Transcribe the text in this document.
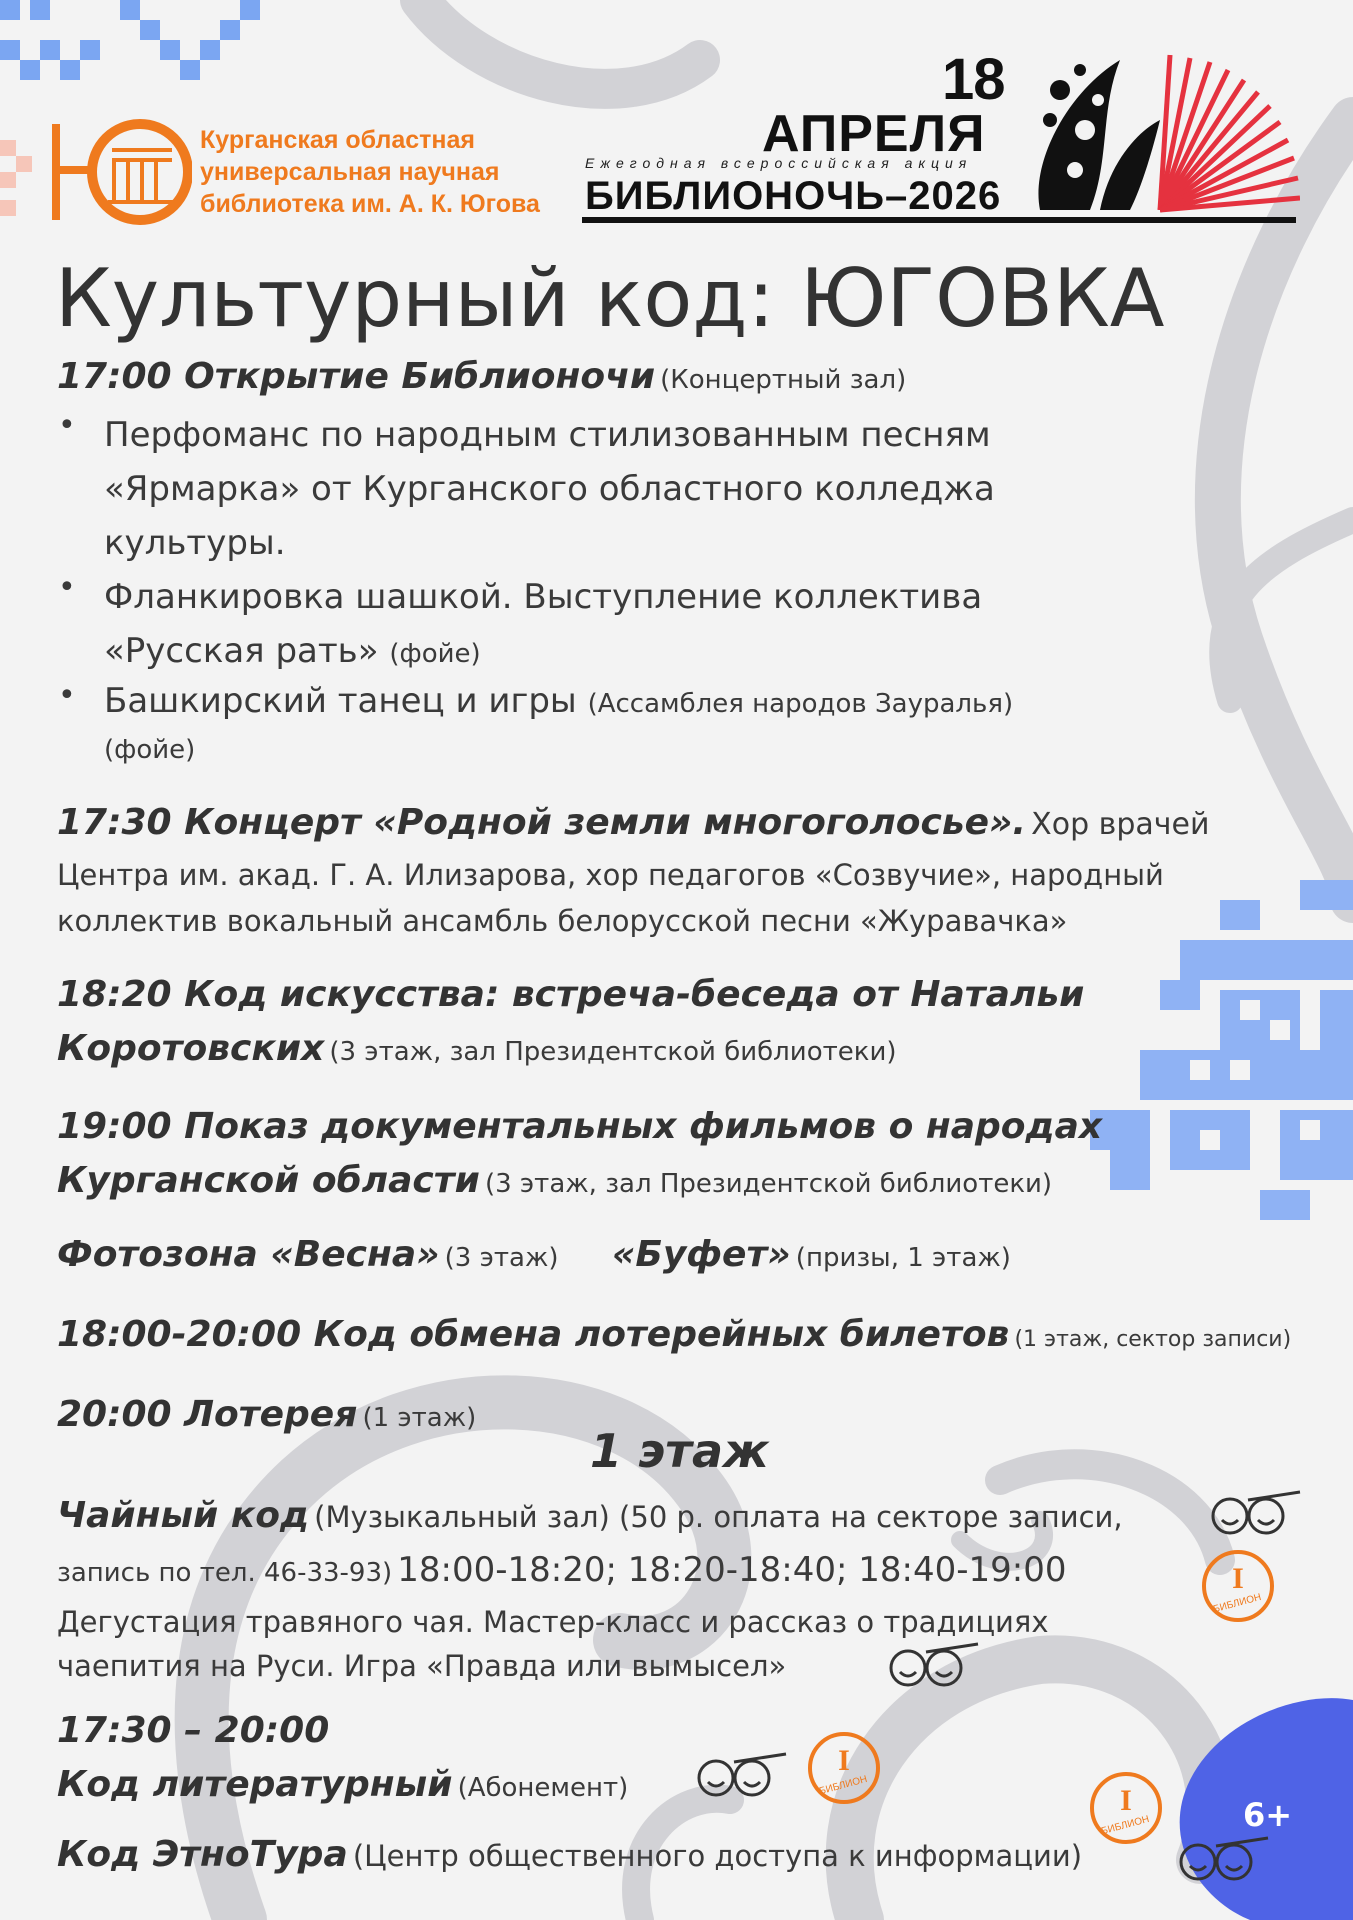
Курганская областная
универсальная научная
библиотека им. А. К. Югова
18
АПРЕЛЯ
Ежегодная всероссийская акция
БИБЛИОНОЧЬ–2026
Культурный код: ЮГОВКА
17:00 Открытие Библионочи (Концертный зал)
• Перфоманс по народным стилизованным песням
«Ярмарка» от Курганского областного колледжа
культуры.
• Фланкировка шашкой. Выступление коллектива
«Русская рать» (фойе)
• Башкирский танец и игры (Ассамблея народов Зауралья)
(фойе)
17:30 Концерт «Родной земли многоголосье». Хор врачей
Центра им. акад. Г. А. Илизарова, хор педагогов «Созвучие», народный
коллектив вокальный ансамбль белорусской песни «Журавачка»
18:20 Код искусства: встреча-беседа от Натальи
Коротовских (3 этаж, зал Президентской библиотеки)
19:00 Показ документальных фильмов о народах
Курганской области (3 этаж, зал Президентской библиотеки)
Фотозона «Весна» (3 этаж) «Буфет» (призы, 1 этаж)
18:00-20:00 Код обмена лотерейных билетов (1 этаж, сектор записи)
20:00 Лотерея (1 этаж)
1 этаж
Чайный код (Музыкальный зал) (50 р. оплата на секторе записи,
запись по тел. 46-33-93) 18:00-18:20; 18:20-18:40; 18:40-19:00
Дегустация травяного чая. Мастер-класс и рассказ о традициях
чаепития на Руси. Игра «Правда или вымысел»
17:30 – 20:00
Код литературный (Абонемент)
Код ЭтноТура (Центр общественного доступа к информации)
I
БИБЛИОН
I
БИБЛИОН	I
БИБЛИОН	6+
